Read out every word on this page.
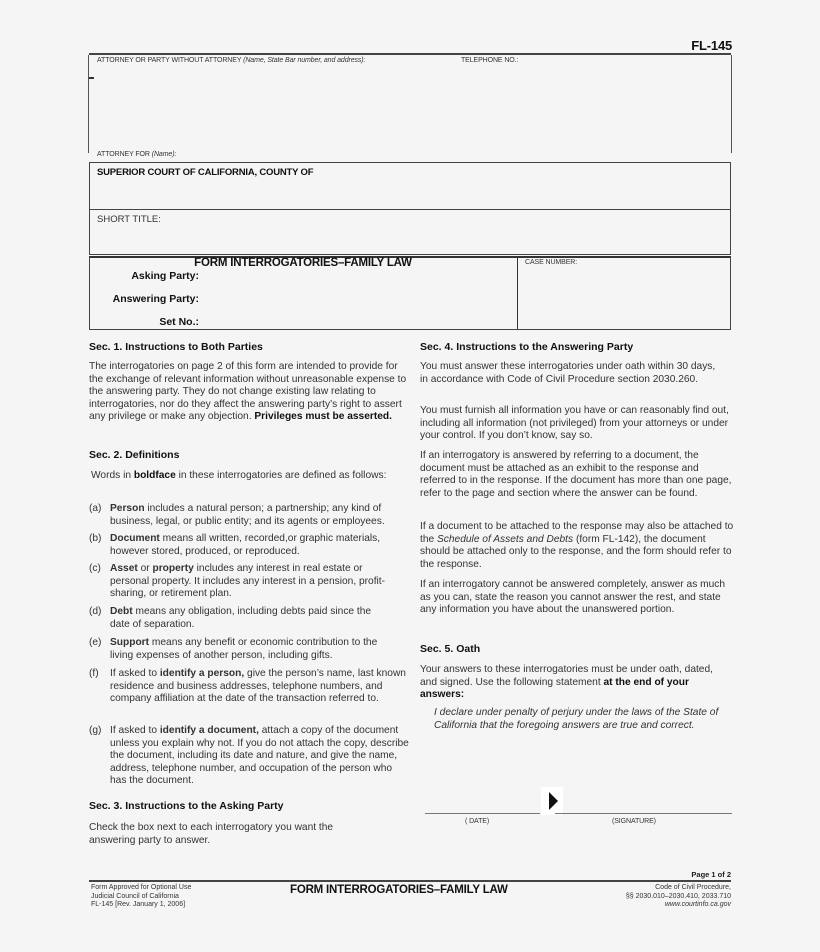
FL-145
ATTORNEY OR PARTY WITHOUT ATTORNEY (Name, State Bar number, and address):	TELEPHONE NO.:
ATTORNEY FOR (Name):
SUPERIOR COURT OF CALIFORNIA, COUNTY OF
SHORT TITLE:
FORM INTERROGATORIES–FAMILY LAW	CASE NUMBER:
Asking Party:
Answering Party:
Set No.:
Sec. 1. Instructions to Both Parties
The interrogatories on page 2 of this form are intended to provide for the exchange of relevant information without unreasonable expense to the answering party. They do not change existing law relating to interrogatories, nor do they affect the answering party’s right to assert any privilege or make any objection. Privileges must be asserted.
Sec. 2. Definitions
Words in boldface in these interrogatories are defined as follows:
(a) Person includes a natural person; a partnership; any kind of business, legal, or public entity; and its agents or employees.
(b) Document means all written, recorded,or graphic materials, however stored, produced, or reproduced.
(c) Asset or property includes any interest in real estate or personal property. It includes any interest in a pension, profit-sharing, or retirement plan.
(d) Debt means any obligation, including debts paid since the date of separation.
(e) Support means any benefit or economic contribution to the living expenses of another person, including gifts.
(f) If asked to identify a person, give the person’s name, last known residence and business addresses, telephone numbers, and company affiliation at the date of the transaction referred to.
(g) If asked to identify a document, attach a copy of the document unless you explain why not. If you do not attach the copy, describe the document, including its date and nature, and give the name, address, telephone number, and occupation of the person who has the document.
Sec. 3. Instructions to the Asking Party
Check the box next to each interrogatory you want the answering party to answer.
Sec. 4. Instructions to the Answering Party
You must answer these interrogatories under oath within 30 days, in accordance with Code of Civil Procedure section 2030.260.
You must furnish all information you have or can reasonably find out, including all information (not privileged) from your attorneys or under your control. If you don’t know, say so.
If an interrogatory is answered by referring to a document, the document must be attached as an exhibit to the response and referred to in the response. If the document has more than one page, refer to the page and section where the answer can be found.
If a document to be attached to the response may also be attached to the Schedule of Assets and Debts (form FL-142), the document should be attached only to the response, and the form should refer to the response.
If an interrogatory cannot be answered completely, answer as much as you can, state the reason you cannot answer the rest, and state any information you have about the unanswered portion.
Sec. 5. Oath
Your answers to these interrogatories must be under oath, dated, and signed. Use the following statement at the end of your answers:
I declare under penalty of perjury under the laws of the State of California that the foregoing answers are true and correct.
( DATE)	(SIGNATURE)
Page 1 of 2
Form Approved for Optional Use
Judicial Council of California
FL-145 [Rev. January 1, 2006]
FORM INTERROGATORIES–FAMILY LAW	Code of Civil Procedure,
§§ 2030.010–2030.410, 2033.710
www.courtinfo.ca.gov
